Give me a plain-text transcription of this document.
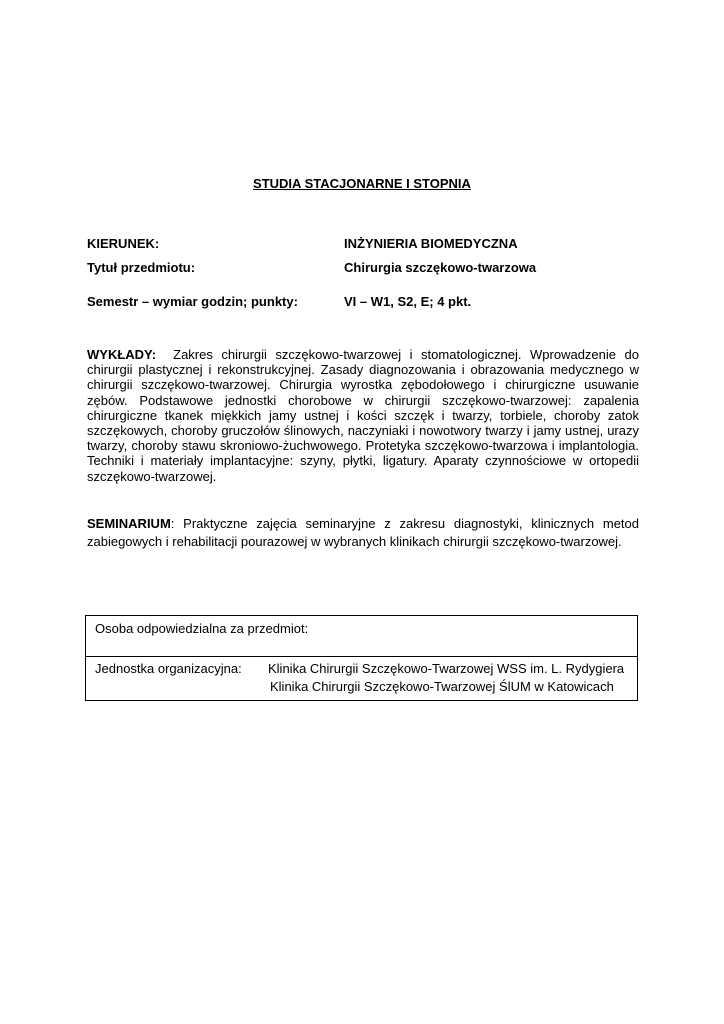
STUDIA STACJONARNE I STOPNIA
KIERUNEK:	INŻYNIERIA BIOMEDYCZNA
Tytuł przedmiotu:	Chirurgia szczękowo-twarzowa
Semestr – wymiar godzin; punkty:	VI – W1, S2, E; 4 pkt.
WYKŁADY: Zakres chirurgii szczękowo-twarzowej i stomatologicznej. Wprowadzenie do chirurgii plastycznej i rekonstrukcyjnej. Zasady diagnozowania i obrazowania medycznego w chirurgii szczękowo-twarzowej. Chirurgia wyrostka zębodołowego i chirurgiczne usuwanie zębów. Podstawowe jednostki chorobowe w chirurgii szczękowo-twarzowej: zapalenia chirurgiczne tkanek miękkich jamy ustnej i kości szczęk i twarzy, torbiele, choroby zatok szczękowych, choroby gruczołów ślinowych, naczyniaki i nowotwory twarzy i jamy ustnej, urazy twarzy, choroby stawu skroniowo-żuchwowego. Protetyka szczękowo-twarzowa i implantologia. Techniki i materiały implantacyjne: szyny, płytki, ligatury. Aparaty czynnościowe w ortopedii szczękowo-twarzowej.
SEMINARIUM: Praktyczne zajęcia seminaryjne z zakresu diagnostyki, klinicznych metod zabiegowych i rehabilitacji pourazowej w wybranych klinikach chirurgii szczękowo-twarzowej.
Osoba odpowiedzialna za przedmiot:

Jednostka organizacyjna: Klinika Chirurgii Szczękowo-Twarzowej WSS im. L. Rydygiera
Klinika Chirurgii Szczękowo-Twarzowej ŚlUM w Katowicach
